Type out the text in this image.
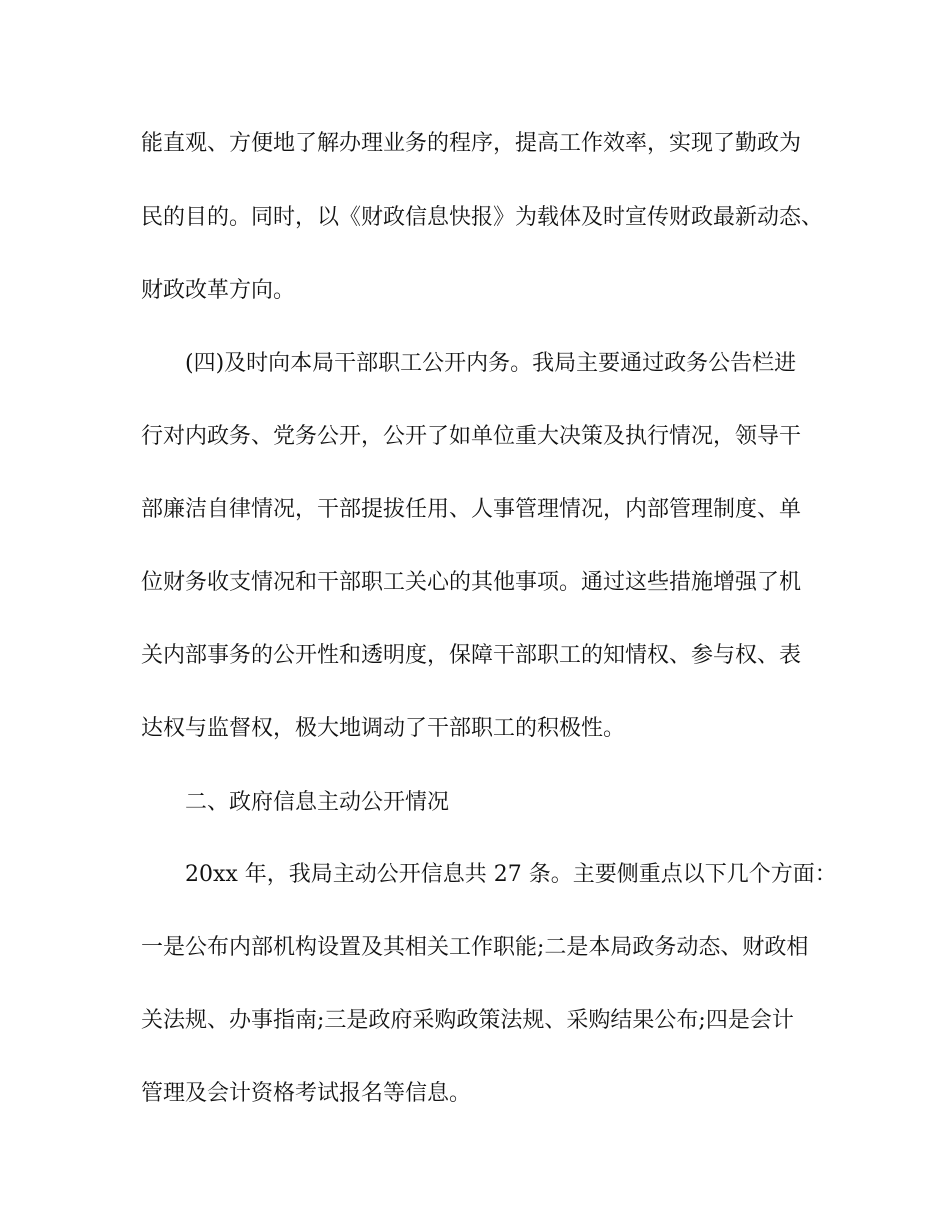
能直观、方便地了解办理业务的程序，提高工作效率，实现了勤政为
民的目的。同时，以《财政信息快报》为载体及时宣传财政最新动态、
财政改革方向。
(四)及时向本局干部职工公开内务。我局主要通过政务公告栏进
行对内政务、党务公开，公开了如单位重大决策及执行情况，领导干
部廉洁自律情况，干部提拔任用、人事管理情况，内部管理制度、单
位财务收支情况和干部职工关心的其他事项。通过这些措施增强了机
关内部事务的公开性和透明度，保障干部职工的知情权、参与权、表
达权与监督权，极大地调动了干部职工的积极性。
二、政府信息主动公开情况
20xx 年，我局主动公开信息共 27 条。主要侧重点以下几个方面：
一是公布内部机构设置及其相关工作职能;二是本局政务动态、财政相
关法规、办事指南;三是政府采购政策法规、采购结果公布;四是会计
管理及会计资格考试报名等信息。
